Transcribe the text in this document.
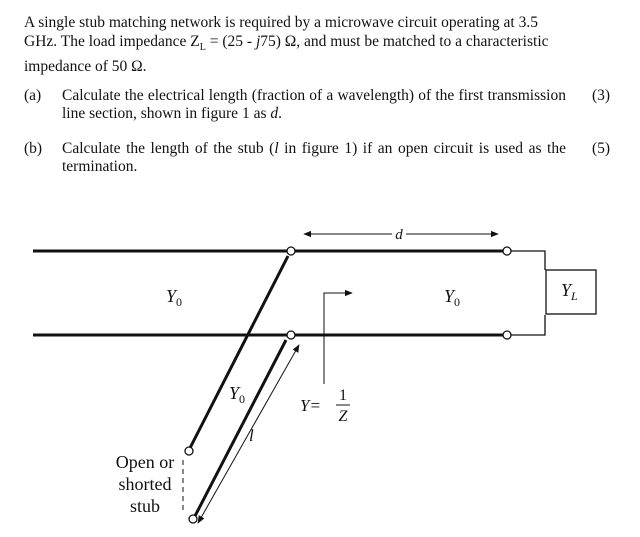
A single stub matching network is required by a microwave circuit operating at 3.5
GHz. The load impedance $Z_L = (25 - j75)$ Ω, and must be matched to a characteristic
impedance of 50 Ω.
(a) Calculate the electrical length (fraction of a wavelength) of the first transmission line section, shown in figure 1 as d.
(3)
(b) Calculate the length of the stub (l in figure 1) if an open circuit is used as the termination.
(5)
d
$Y_0$	$Y_0$
$Y_L$
$Y_0$	Y=
1
Z
l
Open or
shorted
stub
